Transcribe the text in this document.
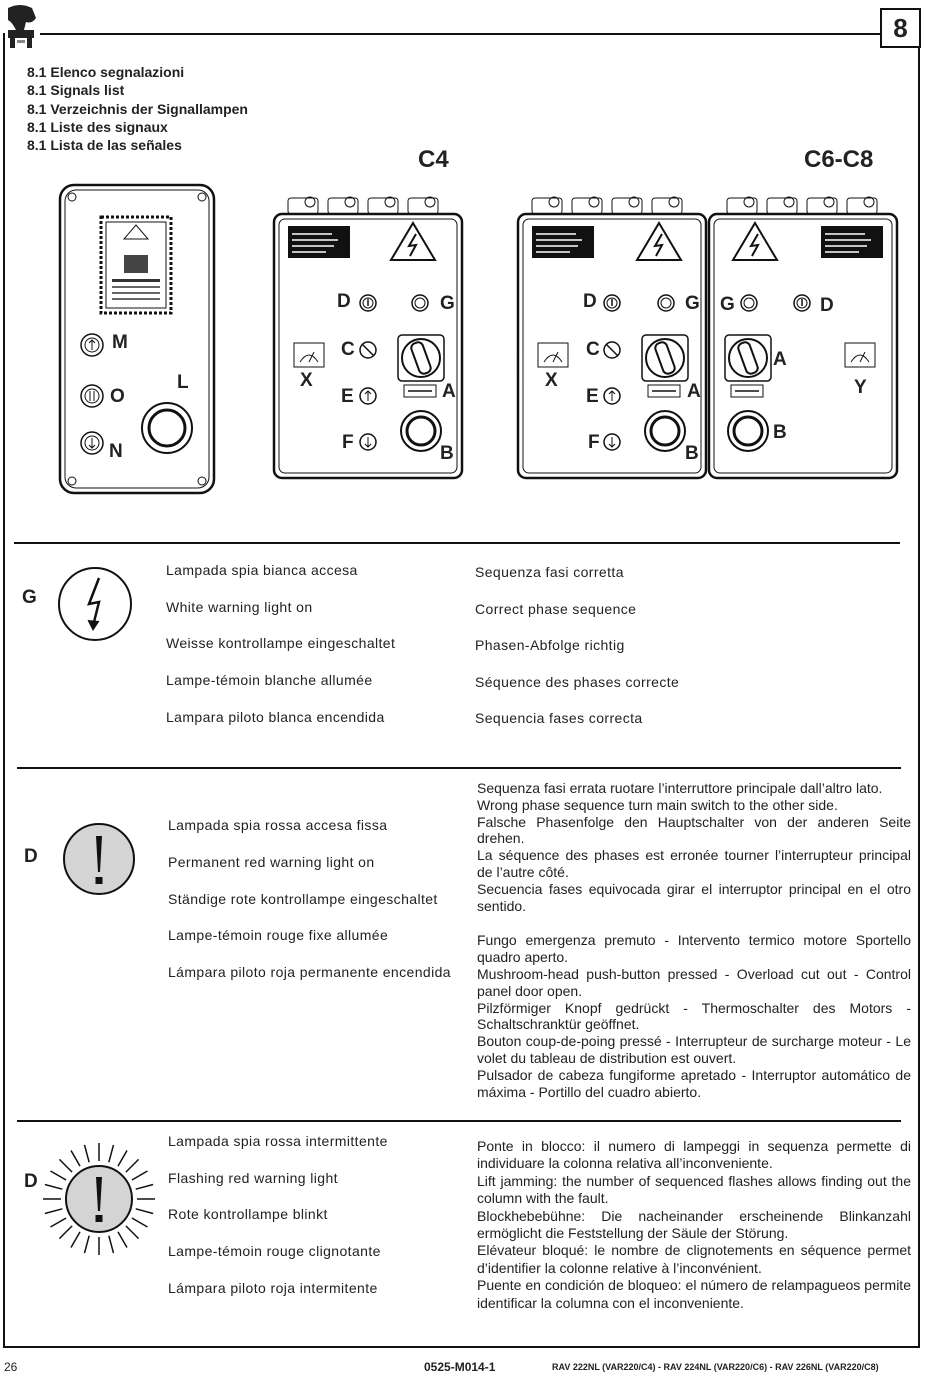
8
8.1 Elenco segnalazioni
8.1 Signals list
8.1 Verzeichnis der Signallampen
8.1 Liste des signaux
8.1 Lista de las señales
C4	C6-C8
M
O
N
L
D	G
C
X
E	A
F
B
D	G
C
X
E	A
F
B
G	D
A
Y
B
G
Lampada spia bianca accesa
White warning light on
Weisse kontrollampe eingeschaltet
Lampe-témoin blanche allumée
Lampara piloto blanca encendida
Sequenza fasi corretta
Correct phase sequence
Phasen-Abfolge richtig
Séquence des phases correcte
Sequencia fases correcta
D
Lampada spia rossa accesa fissa
Permanent red warning light on
Ständige rote kontrollampe eingeschaltet
Lampe-témoin rouge fixe allumée
Lámpara piloto roja permanente encendida
Sequenza fasi errata ruotare l’interruttore principale dall’altro lato.
Wrong phase sequence turn main switch to the other side.
Falsche Phasenfolge den Hauptschalter von der anderen Seite drehen.
La séquence des phases est erronée tourner l’interrupteur principal de l’autre côté.
Secuencia fases equivocada girar el interruptor principal en el otro sentido.
Fungo emergenza premuto - Intervento termico motore Sportello quadro aperto.
Mushroom-head push-button pressed - Overload cut out - Control panel door open.
Pilzförmiger Knopf gedrückt - Thermoschalter des Motors - Schaltschranktür geöffnet.
Bouton coup-de-poing pressé - Interrupteur de surcharge moteur - Le volet du tableau de distribution est ouvert.
Pulsador de cabeza fungiforme apretado - Interruptor automático de máxima - Portillo del cuadro abierto.
D
Lampada spia rossa intermittente
Flashing red warning light
Rote kontrollampe blinkt
Lampe-témoin rouge clignotante
Lámpara piloto roja intermitente
Ponte in blocco: il numero di lampeggi in sequenza permette di individuare la colonna relativa all’inconveniente.
Lift jamming: the number of sequenced flashes allows finding out the column with the fault.
Blockhebebühne: Die nacheinander erscheinende Blinkanzahl ermöglicht die Feststellung der Säule der Störung.
Elévateur bloqué: le nombre de clignotements en séquence permet d’identifier la colonne relative à l’inconvénient.
Puente en condición de bloqueo: el número de relampagueos permite identificar la columna con el inconveniente.
26	0525-M014-1	RAV 222NL (VAR220/C4) - RAV 224NL (VAR220/C6) - RAV 226NL (VAR220/C8)
